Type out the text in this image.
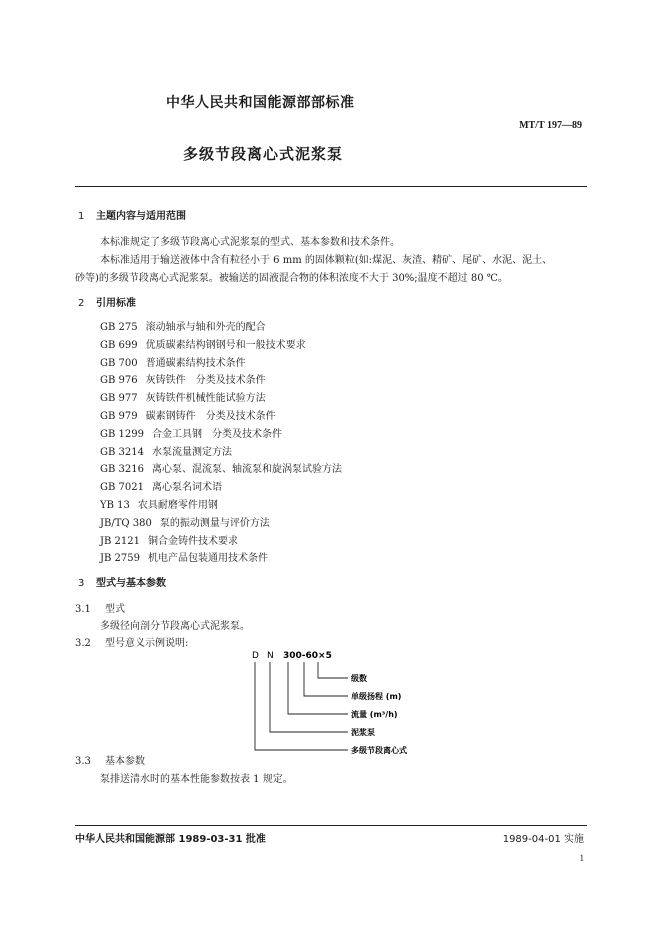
中华人民共和国能源部部标准
MT/T 197—89
多级节段离心式泥浆泵
1 主题内容与适用范围
本标准规定了多级节段离心式泥浆泵的型式、基本参数和技术条件。
本标准适用于输送液体中含有粒径小于 6 mm 的固体颗粒(如:煤泥、灰渣、精矿、尾矿、水泥、泥土、
砂等)的多级节段离心式泥浆泵。被输送的固液混合物的体积浓度不大于 30%;温度不超过 80 ℃。
2 引用标准
GB 275 滚动轴承与轴和外壳的配合
GB 699 优质碳素结构钢钢号和一般技术要求
GB 700 普通碳素结构技术条件
GB 976 灰铸铁件　分类及技术条件
GB 977 灰铸铁件机械性能试验方法
GB 979 碳素钢铸件　分类及技术条件
GB 1299 合金工具钢　分类及技术条件
GB 3214 水泵流量测定方法
GB 3216 离心泵、混流泵、轴流泵和旋涡泵试验方法
GB 7021 离心泵名词术语
YB 13 农具耐磨零件用钢
JB/TQ 380 泵的振动测量与评价方法
JB 2121 铜合金铸件技术要求
JB 2759 机电产品包装通用技术条件
3 型式与基本参数
3.1 型式
多级径向剖分节段离心式泥浆泵。
3.2 型号意义示例说明:
D N 300-60×5
级数
单级扬程 (m)
流量 (m³/h)
泥浆泵
多级节段离心式
3.3 基本参数
泵排送清水时的基本性能参数按表 1 规定。
中华人民共和国能源部 1989-03-31 批准	1989-04-01 实施
1
